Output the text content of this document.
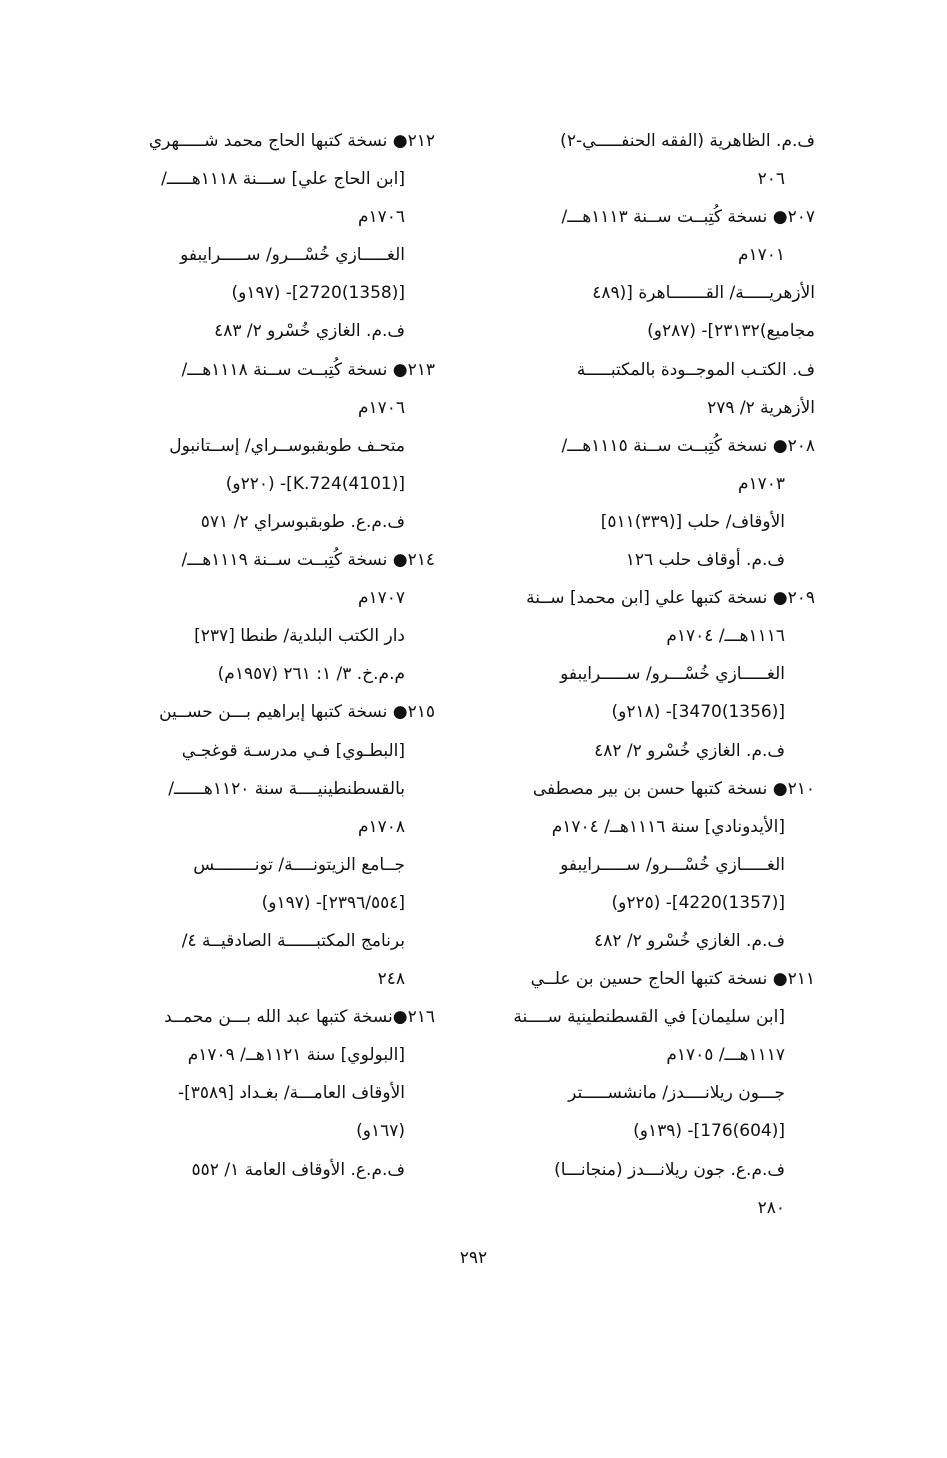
ف.م. الظاهرية (الفقه الحنفـــــي-٢)
٢٠٦
٢٠٧● نسخة كُتِبــت ســنة ١١١٣هـــ/
١٧٠١م
الأزهريـــــة/ القـــــــاهرة [(٤٨٩
مجاميع)٢٣١٣٢]- (٢٨٧و)
ف. الكتـب الموجــودة بالمكتبـــــة
الأزهرية ٢/ ٢٧٩
٢٠٨● نسخة كُتِبــت ســنة ١١١٥هـــ/
١٧٠٣م
الأوقاف/ حلب [(٣٣٩)٥١١]
ف.م. أوقاف حلب ١٢٦
٢٠٩● نسخة كتبها علي [ابن محمد] ســنة
١١١٦هـــ/ ١٧٠٤م
الغـــــازي خُسْـــرو/ ســـــرايبفو
[(1356)3470]- (٢١٨و)
ف.م. الغازي خُسْرو ٢/ ٤٨٢
٢١٠● نسخة كتبها حسن بن بير مصطفى
[الأيدونادي] سنة ١١١٦هــ/ ١٧٠٤م
الغـــــازي خُسْـــرو/ ســـــرايبفو
[(1357)4220]- (٢٢٥و)
ف.م. الغازي خُسْرو ٢/ ٤٨٢
٢١١● نسخة كتبها الحاج حسين بن علــي
[ابن سليمان] في القسطنطينية ســــنة
١١١٧هـــ/ ١٧٠٥م
جـــون ريلانــــدز/ مانشســـــتر
[(604)176]- (١٣٩و)
ف.م.ع. جون ريلانـــدز (منجانـــا)
٢٨٠
٢١٢● نسخة كتبها الحاج محمد شـــــهري
[ابن الحاج علي] ســـنة ١١١٨هـــــ/
١٧٠٦م
الغـــــازي خُسْـــرو/ ســـــرايبفو
[(1358)2720]- (١٩٧و)
ف.م. الغازي خُسْرو ٢/ ٤٨٣
٢١٣● نسخة كُتِبــت ســنة ١١١٨هـــ/
١٧٠٦م
متحـف طوبقبوســراي/ إســتانبول
[K.724(4101)]- (٢٢٠و)
ف.م.ع. طوبقبوسراي ٢/ ٥٧١
٢١٤● نسخة كُتِبــت ســنة ١١١٩هـــ/
١٧٠٧م
دار الكتب البلدية/ طنطا [٢٣٧]
م.م.خ. ٣/ ١: ٢٦١ (١٩٥٧م)
٢١٥● نسخة كتبها إبراهيم بـــن حســين
[البطـوي] فـي مدرسـة قوغجـي
بالقسطنطينيــــة سنة ١١٢٠هــــــ/
١٧٠٨م
جــامع الزيتونــــة/ تونــــــــس
[٢٣٩٦/٥٥٤]- (١٩٧و)
برنامج المكتبــــــة الصادقيــة ٤/
٢٤٨
٢١٦●نسخة كتبها عبد الله بـــن محمــد
[البولوي] سنة ١١٢١هــ/ ١٧٠٩م
الأوقاف العامـــة/ بغـداد [٣٥٨٩]-
(١٦٧و)
ف.م.ع. الأوقاف العامة ١/ ٥٥٢
٢٩٢
